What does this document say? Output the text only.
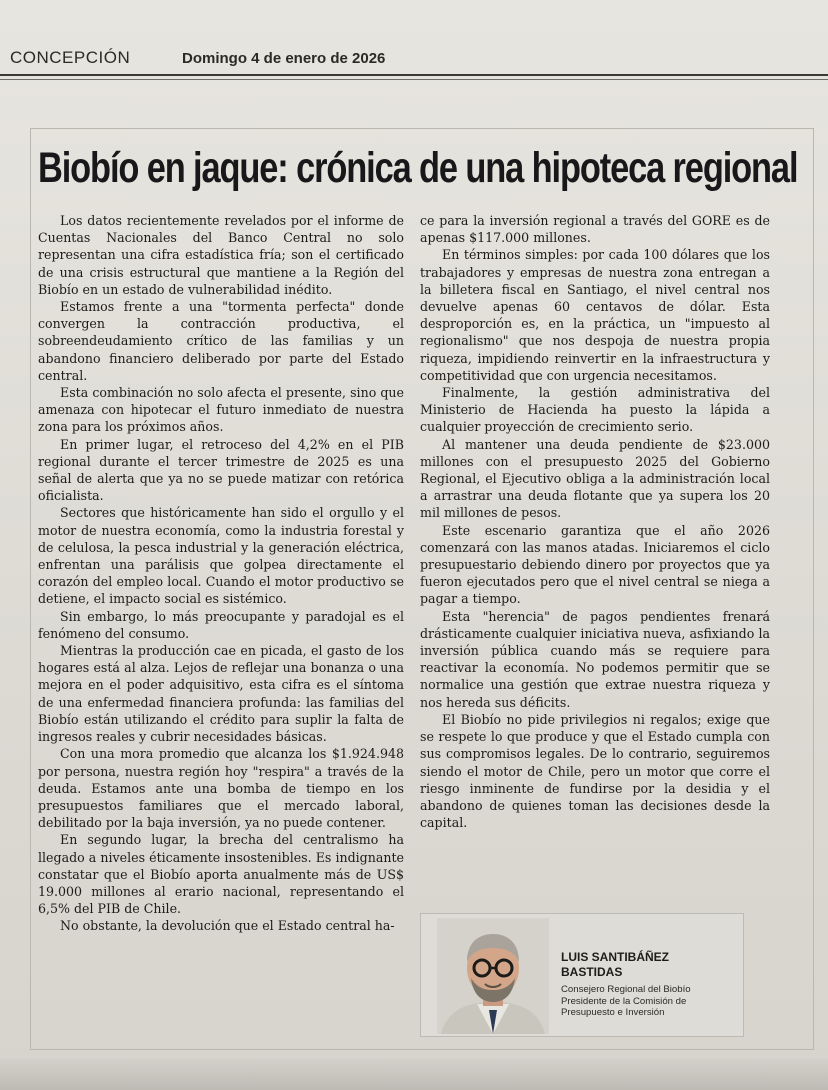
CONCEPCIÓN	Domingo 4 de enero de 2026
Biobío en jaque: crónica de una hipoteca regional

Los datos recientemente revelados por el informe de Cuentas Nacionales del Banco Central no solo representan una cifra estadística fría; son el certificado de una crisis estructural que mantiene a la Región del Biobío en un estado de vulnerabilidad inédito.

Estamos frente a una "tormenta perfecta" donde convergen la contracción productiva, el sobreendeudamiento crítico de las familias y un abandono financiero deliberado por parte del Estado central.

Esta combinación no solo afecta el presente, sino que amenaza con hipotecar el futuro inmediato de nuestra zona para los próximos años.

En primer lugar, el retroceso del 4,2% en el PIB regional durante el tercer trimestre de 2025 es una señal de alerta que ya no se puede matizar con retórica oficialista.

Sectores que históricamente han sido el orgullo y el motor de nuestra economía, como la industria forestal y de celulosa, la pesca industrial y la generación eléctrica, enfrentan una parálisis que golpea directamente el corazón del empleo local. Cuando el motor productivo se detiene, el impacto social es sistémico.

Sin embargo, lo más preocupante y paradojal es el fenómeno del consumo.

Mientras la producción cae en picada, el gasto de los hogares está al alza. Lejos de reflejar una bonanza o una mejora en el poder adquisitivo, esta cifra es el síntoma de una enfermedad financiera profunda: las familias del Biobío están utilizando el crédito para suplir la falta de ingresos reales y cubrir necesidades básicas.

Con una mora promedio que alcanza los $1.924.948 por persona, nuestra región hoy "respira" a través de la deuda. Estamos ante una bomba de tiempo en los presupuestos familiares que el mercado laboral, debilitado por la baja inversión, ya no puede contener.

En segundo lugar, la brecha del centralismo ha llegado a niveles éticamente insostenibles. Es indignante constatar que el Biobío aporta anualmente más de US$ 19.000 millones al erario nacional, representando el 6,5% del PIB de Chile.

No obstante, la devolución que el Estado central ha-

ce para la inversión regional a través del GORE es de apenas $117.000 millones.

En términos simples: por cada 100 dólares que los trabajadores y empresas de nuestra zona entregan a la billetera fiscal en Santiago, el nivel central nos devuelve apenas 60 centavos de dólar. Esta desproporción es, en la práctica, un "impuesto al regionalismo" que nos despoja de nuestra propia riqueza, impidiendo reinvertir en la infraestructura y competitividad que con urgencia necesitamos.

Finalmente, la gestión administrativa del Ministerio de Hacienda ha puesto la lápida a cualquier proyección de crecimiento serio.

Al mantener una deuda pendiente de $23.000 millones con el presupuesto 2025 del Gobierno Regional, el Ejecutivo obliga a la administración local a arrastrar una deuda flotante que ya supera los 20 mil millones de pesos.

Este escenario garantiza que el año 2026 comenzará con las manos atadas. Iniciaremos el ciclo presupuestario debiendo dinero por proyectos que ya fueron ejecutados pero que el nivel central se niega a pagar a tiempo.

Esta "herencia" de pagos pendientes frenará drásticamente cualquier iniciativa nueva, asfixiando la inversión pública cuando más se requiere para reactivar la economía. No podemos permitir que se normalice una gestión que extrae nuestra riqueza y nos hereda sus déficits.

El Biobío no pide privilegios ni regalos; exige que se respete lo que produce y que el Estado cumpla con sus compromisos legales. De lo contrario, seguiremos siendo el motor de Chile, pero un motor que corre el riesgo inminente de fundirse por la desidia y el abandono de quienes toman las decisiones desde la capital.

LUIS SANTIBÁÑEZ
BASTIDAS
Consejero Regional del Biobío
Presidente de la Comisión de
Presupuesto e Inversión
